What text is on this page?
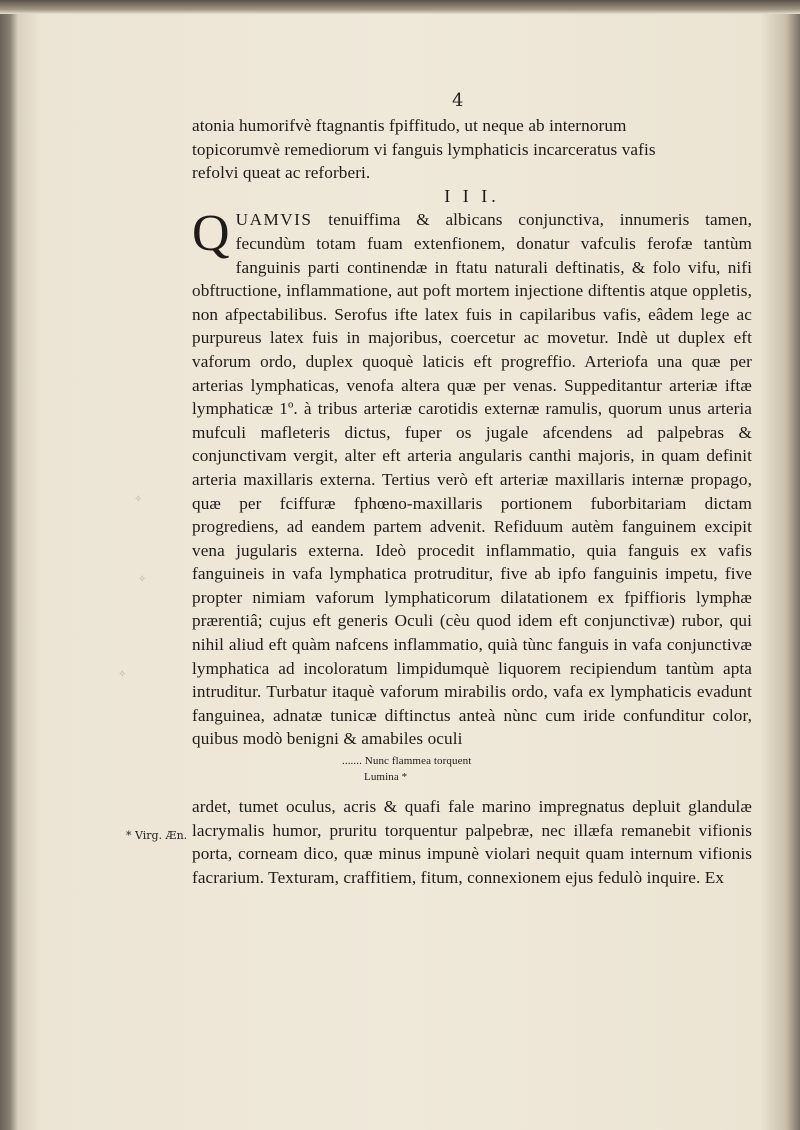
4
✧
✧
✧

atonia humorifvè ftagnantis fpiffitudo, ut neque ab internorum

topicorumvè remediorum vi fanguis lymphaticis incarceratus vafis

refolvi queat ac reforberi.

I I I.

QUAMVIS tenuiffima & albicans conjunctiva, innumeris tamen, fecundùm totam fuam extenfionem, donatur vafculis ferofæ tantùm fanguinis parti continendæ in ftatu naturali deftinatis, & folo vifu, nifi obftructione, inflammatione, aut poft mortem injectione diftentis atque oppletis, non afpectabilibus. Serofus ifte latex fuis in capilaribus vafis, eâdem lege ac purpureus latex fuis in majoribus, coercetur ac movetur. Indè ut duplex eft vaforum ordo, duplex quoquè laticis eft progreffio. Arteriofa una quæ per arterias lymphaticas, venofa altera quæ per venas. Suppeditantur arteriæ iftæ lymphaticæ 1º. à tribus arteriæ carotidis externæ ramulis, quorum unus arteria mufculi mafleteris dictus, fuper os jugale afcendens ad palpebras & conjunctivam vergit, alter eft arteria angularis canthi majoris, in quam definit arteria maxillaris externa. Tertius verò eft arteriæ maxillaris internæ propago, quæ per fciffuræ fphœno-maxillaris portionem fuborbitariam dictam progrediens, ad eandem partem advenit. Refiduum autèm fanguinem excipit vena jugularis externa. Ideò procedit inflammatio, quia fanguis ex vafis fanguineis in vafa lymphatica protruditur, five ab ipfo fanguinis impetu, five propter nimiam vaforum lymphaticorum dilatationem ex fpiffioris lymphæ prærentiâ; cujus eft generis Oculi (cèu quod idem eft conjunctivæ) rubor, qui nihil aliud eft quàm nafcens inflammatio, quià tùnc fanguis in vafa conjunctivæ lymphatica ad incoloratum limpidumquè liquorem recipiendum tantùm apta intruditur. Turbatur itaquè vaforum mirabilis ordo, vafa ex lymphaticis evadunt fanguinea, adnatæ tunicæ diftinctus anteà nùnc cum iride confunditur color, quibus modò benigni & amabiles oculi

....... Nunc flammea torquent
Lumina *

ardet, tumet oculus, acris & quafi fale marino impregnatus depluit glandulæ lacrymalis humor, pruritu torquentur palpebræ, nec illæfa remanebit vifionis porta, corneam dico, quæ minus impunè violari nequit quam internum vifionis facrarium. Texturam, craffitiem, fitum, connexionem ejus fedulò inquire. Ex

* Virg. Æn.
